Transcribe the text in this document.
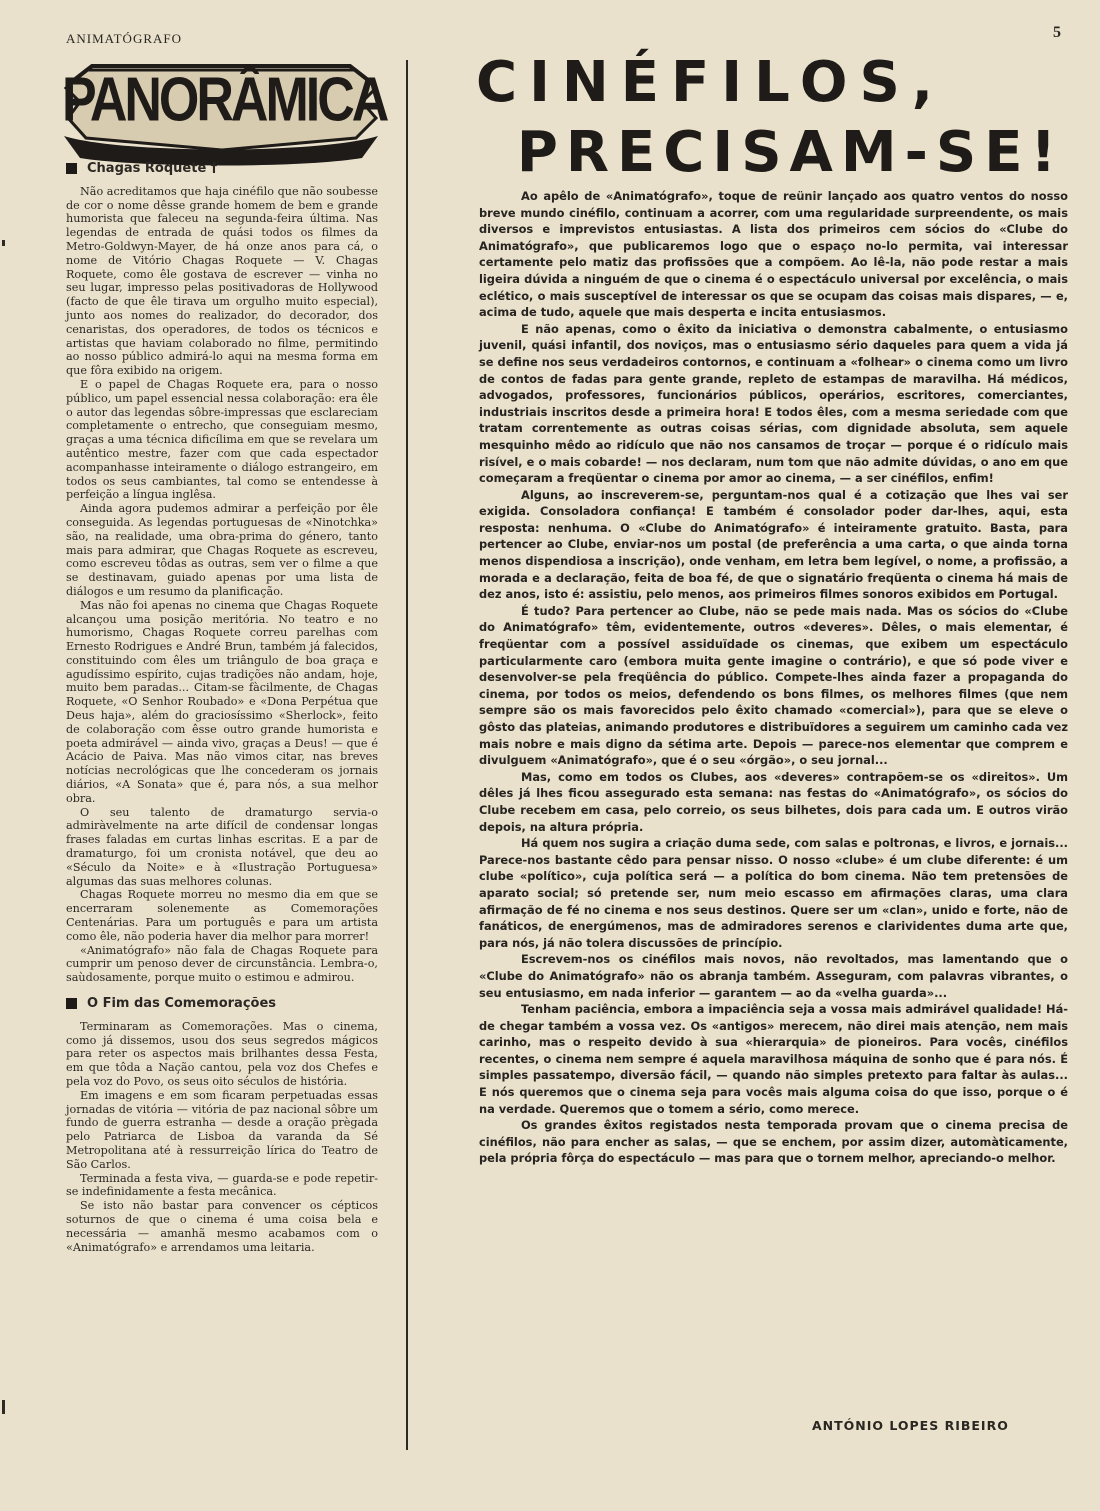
ANIMATÓGRAFO	5
PANORÂMICA
Chagas Roquete †

Não acreditamos que haja cinéfilo que não soubesse de cor o nome dêsse grande homem de bem e grande humorista que faleceu na segunda-feira última. Nas legendas de entrada de quási todos os filmes da Metro-Goldwyn-Mayer, de há onze anos para cá, o nome de Vitório Chagas Roquete — V. Chagas Roquete, como êle gostava de escrever — vinha no seu lugar, impresso pelas positivadoras de Hollywood (facto de que êle tirava um orgulho muito especial), junto aos nomes do realizador, do decorador, dos cenaristas, dos operadores, de todos os técnicos e artistas que haviam colaborado no filme, permitindo ao nosso público admirá-lo aqui na mesma forma em que fôra exibido na origem.

E o papel de Chagas Roquete era, para o nosso público, um papel essencial nessa colaboração: era êle o autor das legendas sôbre-impressas que esclareciam completamente o entrecho, que conseguiam mesmo, graças a uma técnica dificílima em que se revelara um autêntico mestre, fazer com que cada espectador acompanhasse inteiramente o diálogo estrangeiro, em todos os seus cambiantes, tal como se entendesse à perfeição a língua inglêsa.

Ainda agora pudemos admirar a perfeição por êle conseguida. As legendas portuguesas de «Ninotchka» são, na realidade, uma obra-prima do género, tanto mais para admirar, que Chagas Roquete as escreveu, como escreveu tôdas as outras, sem ver o filme a que se destinavam, guiado apenas por uma lista de diálogos e um resumo da planificação.

Mas não foi apenas no cinema que Chagas Roquete alcançou uma posição meritória. No teatro e no humorismo, Chagas Roquete correu parelhas com Ernesto Rodrigues e André Brun, também já falecidos, constituindo com êles um triângulo de boa graça e agudíssimo espírito, cujas tradições não andam, hoje, muito bem paradas... Citam-se fàcilmente, de Chagas Roquete, «O Senhor Roubado» e «Dona Perpétua que Deus haja», além do graciosíssimo «Sherlock», feito de colaboração com êsse outro grande humorista e poeta admirável — ainda vivo, graças a Deus! — que é Acácio de Paiva. Mas não vimos citar, nas breves notícias necrológicas que lhe concederam os jornais diários, «A Sonata» que é, para nós, a sua melhor obra.

O seu talento de dramaturgo servia-o admiràvelmente na arte difícil de condensar longas frases faladas em curtas linhas escritas. E a par de dramaturgo, foi um cronista notável, que deu ao «Século da Noite» e à «Ilustração Portuguesa» algumas das suas melhores colunas.

Chagas Roquete morreu no mesmo dia em que se encerraram solenemente as Comemorações Centenárias. Para um português e para um artista como êle, não poderia haver dia melhor para morrer!

«Animatógrafo» não fala de Chagas Roquete para cumprir um penoso dever de circunstância. Lembra-o, saùdosamente, porque muito o estimou e admirou.

O Fim das Comemorações

Terminaram as Comemorações. Mas o cinema, como já dissemos, usou dos seus segredos mágicos para reter os aspectos mais brilhantes dessa Festa, em que tôda a Nação cantou, pela voz dos Chefes e pela voz do Povo, os seus oito séculos de história.

Em imagens e em som ficaram perpetuadas essas jornadas de vitória — vitória de paz nacional sôbre um fundo de guerra estranha — desde a oração prègada pelo Patriarca de Lisboa da varanda da Sé Metropolitana até à ressurreição lírica do Teatro de São Carlos.

Terminada a festa viva, — guarda-se e pode repetir-se indefinidamente a festa mecânica.

Se isto não bastar para convencer os cépticos soturnos de que o cinema é uma coisa bela e necessária — amanhã mesmo acabamos com o «Animatógrafo» e arrendamos uma leitaria.

CINÉFILOS,
PRECISAM-SE!

Ao apêlo de «Animatógrafo», toque de reünir lançado aos quatro ventos do nosso breve mundo cinéfilo, continuam a acorrer, com uma regularidade surpreendente, os mais diversos e imprevistos entusiastas. A lista dos primeiros cem sócios do «Clube do Animatógrafo», que publicaremos logo que o espaço no-lo permita, vai interessar certamente pelo matiz das profissões que a compõem. Ao lê-la, não pode restar a mais ligeira dúvida a ninguém de que o cinema é o espectáculo universal por excelência, o mais eclético, o mais susceptível de interessar os que se ocupam das coisas mais dispares, — e, acima de tudo, aquele que mais desperta e incita entusiasmos.

E não apenas, como o êxito da iniciativa o demonstra cabalmente, o entusiasmo juvenil, quási infantil, dos noviços, mas o entusiasmo sério daqueles para quem a vida já se define nos seus verdadeiros contornos, e continuam a «folhear» o cinema como um livro de contos de fadas para gente grande, repleto de estampas de maravilha. Há médicos, advogados, professores, funcionários públicos, operários, escritores, comerciantes, industriais inscritos desde a primeira hora! E todos êles, com a mesma seriedade com que tratam correntemente as outras coisas sérias, com dignidade absoluta, sem aquele mesquinho mêdo ao ridículo que não nos cansamos de troçar — porque é o ridículo mais risível, e o mais cobarde! — nos declaram, num tom que não admite dúvidas, o ano em que começaram a freqüentar o cinema por amor ao cinema, — a ser cinéfilos, enfim!

Alguns, ao inscreverem-se, perguntam-nos qual é a cotização que lhes vai ser exigida. Consoladora confiança! E também é consolador poder dar-lhes, aqui, esta resposta: nenhuma. O «Clube do Animatógrafo» é inteiramente gratuito. Basta, para pertencer ao Clube, enviar-nos um postal (de preferência a uma carta, o que ainda torna menos dispendiosa a inscrição), onde venham, em letra bem legível, o nome, a profissão, a morada e a declaração, feita de boa fé, de que o signatário freqüenta o cinema há mais de dez anos, isto é: assistiu, pelo menos, aos primeiros filmes sonoros exibidos em Portugal.

É tudo? Para pertencer ao Clube, não se pede mais nada. Mas os sócios do «Clube do Animatógrafo» têm, evidentemente, outros «deveres». Dêles, o mais elementar, é freqüentar com a possível assiduïdade os cinemas, que exibem um espectáculo particularmente caro (embora muita gente imagine o contrário), e que só pode viver e desenvolver-se pela freqüência do público. Compete-lhes ainda fazer a propaganda do cinema, por todos os meios, defendendo os bons filmes, os melhores filmes (que nem sempre são os mais favorecidos pelo êxito chamado «comercial»), para que se eleve o gôsto das plateias, animando produtores e distribuïdores a seguirem um caminho cada vez mais nobre e mais digno da sétima arte. Depois — parece-nos elementar que comprem e divulguem «Animatógrafo», que é o seu «órgão», o seu jornal...

Mas, como em todos os Clubes, aos «deveres» contrapõem-se os «direitos». Um dêles já lhes ficou assegurado esta semana: nas festas do «Animatógrafo», os sócios do Clube recebem em casa, pelo correio, os seus bilhetes, dois para cada um. E outros virão depois, na altura própria.

Há quem nos sugira a criação duma sede, com salas e poltronas, e livros, e jornais... Parece-nos bastante cêdo para pensar nisso. O nosso «clube» é um clube diferente: é um clube «político», cuja política será — a política do bom cinema. Não tem pretensões de aparato social; só pretende ser, num meio escasso em afirmações claras, uma clara afirmação de fé no cinema e nos seus destinos. Quere ser um «clan», unido e forte, não de fanáticos, de energúmenos, mas de admiradores serenos e clarividentes duma arte que, para nós, já não tolera discussões de princípio.

Escrevem-nos os cinéfilos mais novos, não revoltados, mas lamentando que o «Clube do Animatógrafo» não os abranja também. Asseguram, com palavras vibrantes, o seu entusiasmo, em nada inferior — garantem — ao da «velha guarda»...

Tenham paciência, embora a impaciência seja a vossa mais admirável qualidade! Há-de chegar também a vossa vez. Os «antigos» merecem, não direi mais atenção, nem mais carinho, mas o respeito devido à sua «hierarquia» de pioneiros. Para vocês, cinéfilos recentes, o cinema nem sempre é aquela maravilhosa máquina de sonho que é para nós. É simples passatempo, diversão fácil, — quando não simples pretexto para faltar às aulas... E nós queremos que o cinema seja para vocês mais alguma coisa do que isso, porque o é na verdade. Queremos que o tomem a sério, como merece.

Os grandes êxitos registados nesta temporada provam que o cinema precisa de cinéfilos, não para encher as salas, — que se enchem, por assim dizer, automàticamente, pela própria fôrça do espectáculo — mas para que o tornem melhor, apreciando-o melhor.

ANTÓNIO LOPES RIBEIRO
